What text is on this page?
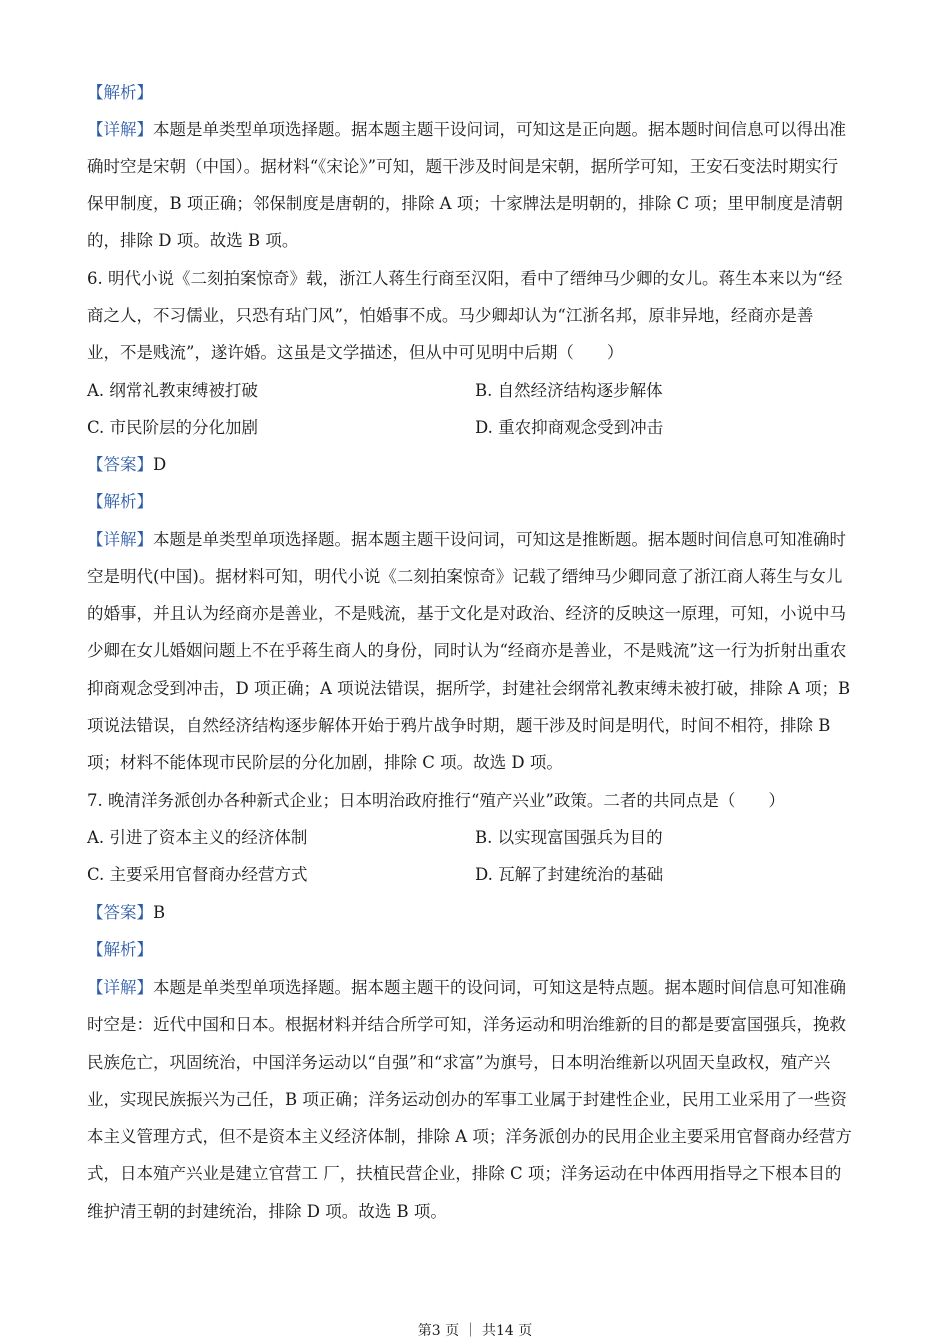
【解析】
【详解】本题是单类型单项选择题。据本题主题干设问词，可知这是正向题。据本题时间信息可以得出准
确时空是宋朝（中国）。据材料“《宋论》”可知，题干涉及时间是宋朝，据所学可知，王安石变法时期实行
保甲制度，B 项正确；邻保制度是唐朝的，排除 A 项；十家牌法是明朝的，排除 C 项；里甲制度是清朝
的，排除 D 项。故选 B 项。
6. 明代小说《二刻拍案惊奇》载，浙江人蒋生行商至汉阳，看中了缙绅马少卿的女儿。蒋生本来以为“经
商之人，不习儒业，只恐有玷门风”，怕婚事不成。马少卿却认为“江浙名邦，原非异地，经商亦是善
业，不是贱流”，遂许婚。这虽是文学描述，但从中可见明中后期（　　）
A. 纲常礼教束缚被打破	B. 自然经济结构逐步解体
C. 市民阶层的分化加剧	D. 重农抑商观念受到冲击
【答案】D
【解析】
【详解】本题是单类型单项选择题。据本题主题干设问词，可知这是推断题。据本题时间信息可知准确时
空是明代(中国)。据材料可知，明代小说《二刻拍案惊奇》记载了缙绅马少卿同意了浙江商人蒋生与女儿
的婚事，并且认为经商亦是善业，不是贱流，基于文化是对政治、经济的反映这一原理，可知，小说中马
少卿在女儿婚姻问题上不在乎蒋生商人的身份，同时认为“经商亦是善业，不是贱流”这一行为折射出重农
抑商观念受到冲击，D 项正确；A 项说法错误，据所学，封建社会纲常礼教束缚未被打破，排除 A 项；B
项说法错误，自然经济结构逐步解体开始于鸦片战争时期，题干涉及时间是明代，时间不相符，排除 B
项；材料不能体现市民阶层的分化加剧，排除 C 项。故选 D 项。
7. 晚清洋务派创办各种新式企业；日本明治政府推行“殖产兴业”政策。二者的共同点是（　　）
A. 引进了资本主义的经济体制	B. 以实现富国强兵为目的
C. 主要采用官督商办经营方式	D. 瓦解了封建统治的基础
【答案】B
【解析】
【详解】本题是单类型单项选择题。据本题主题干的设问词，可知这是特点题。据本题时间信息可知准确
时空是：近代中国和日本。根据材料并结合所学可知，洋务运动和明治维新的目的都是要富国强兵，挽救
民族危亡，巩固统治，中国洋务运动以“自强”和“求富”为旗号，日本明治维新以巩固天皇政权，殖产兴
业，实现民族振兴为己任，B 项正确；洋务运动创办的军事工业属于封建性企业，民用工业采用了一些资
本主义管理方式，但不是资本主义经济体制，排除 A 项；洋务派创办的民用企业主要采用官督商办经营方
式，日本殖产兴业是建立官营工 厂，扶植民营企业，排除 C 项；洋务运动在中体西用指导之下根本目的
维护清王朝的封建统治，排除 D 项。故选 B 项。
第3 页 ｜ 共14 页
